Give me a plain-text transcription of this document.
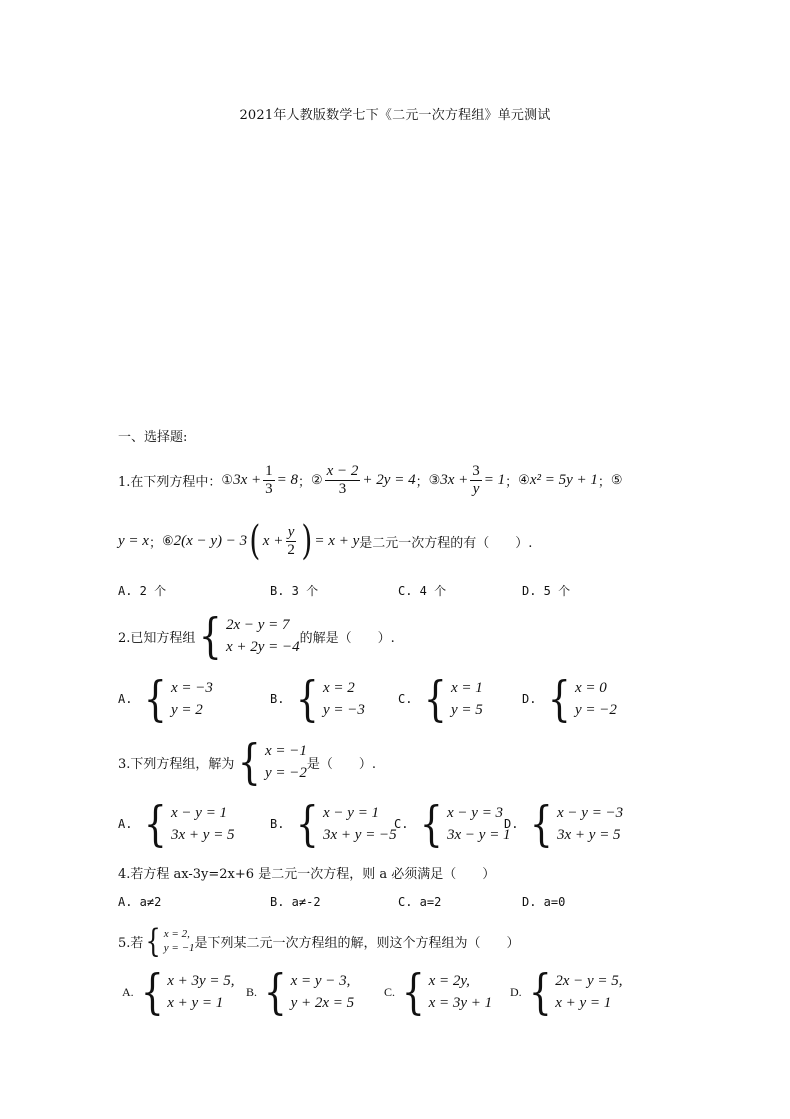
2021年人教版数学七下《二元一次方程组》单元测试
一、选择题:
1.在下列方程中： ① $3x + \frac{1}{3} = 8$ ； ② $\frac{x - 2}{3} + 2y = 4$ ； ③ $3x + \frac{3}{y} = 1$ ； ④ x² = 5y + 1 ； ⑤
y = x ； ⑥ 2(x − y) − 3 ( $x + \frac{y}{2}$ ) = x + y 是二元一次方程的有（　　）.
A. 2 个	B. 3 个	C. 4 个	D. 5 个
2.已知方程组 { 2x − y = 7
x + 2y = −4
的解是（　　）.
A. { x = −3
y = 2
B. { x = 2
y = −3
C. { x = 1
y = 5
D. { x = 0
y = −2
3.下列方程组，解为 { x = −1
y = −2
是（　　）.
A. { x − y = 1
3x + y = 5
B. { x − y = 1
3x + y = −5
C. { x − y = 3
3x − y = 1
D. { x − y = −3
3x + y = 5
4.若方程 ax-3y=2x+6 是二元一次方程，则 a 必须满足（　　）
A. a≠2	B. a≠-2	C. a=2	D. a=0
5.若 { x = 2,
y = −1 是下列某二元一次方程组的解，则这个方程组为（　　）
A. { x + 3y = 5,
x + y = 1
B. { x = y − 3,
y + 2x = 5
C. { x = 2y,
x = 3y + 1
D. { 2x − y = 5,
x + y = 1
